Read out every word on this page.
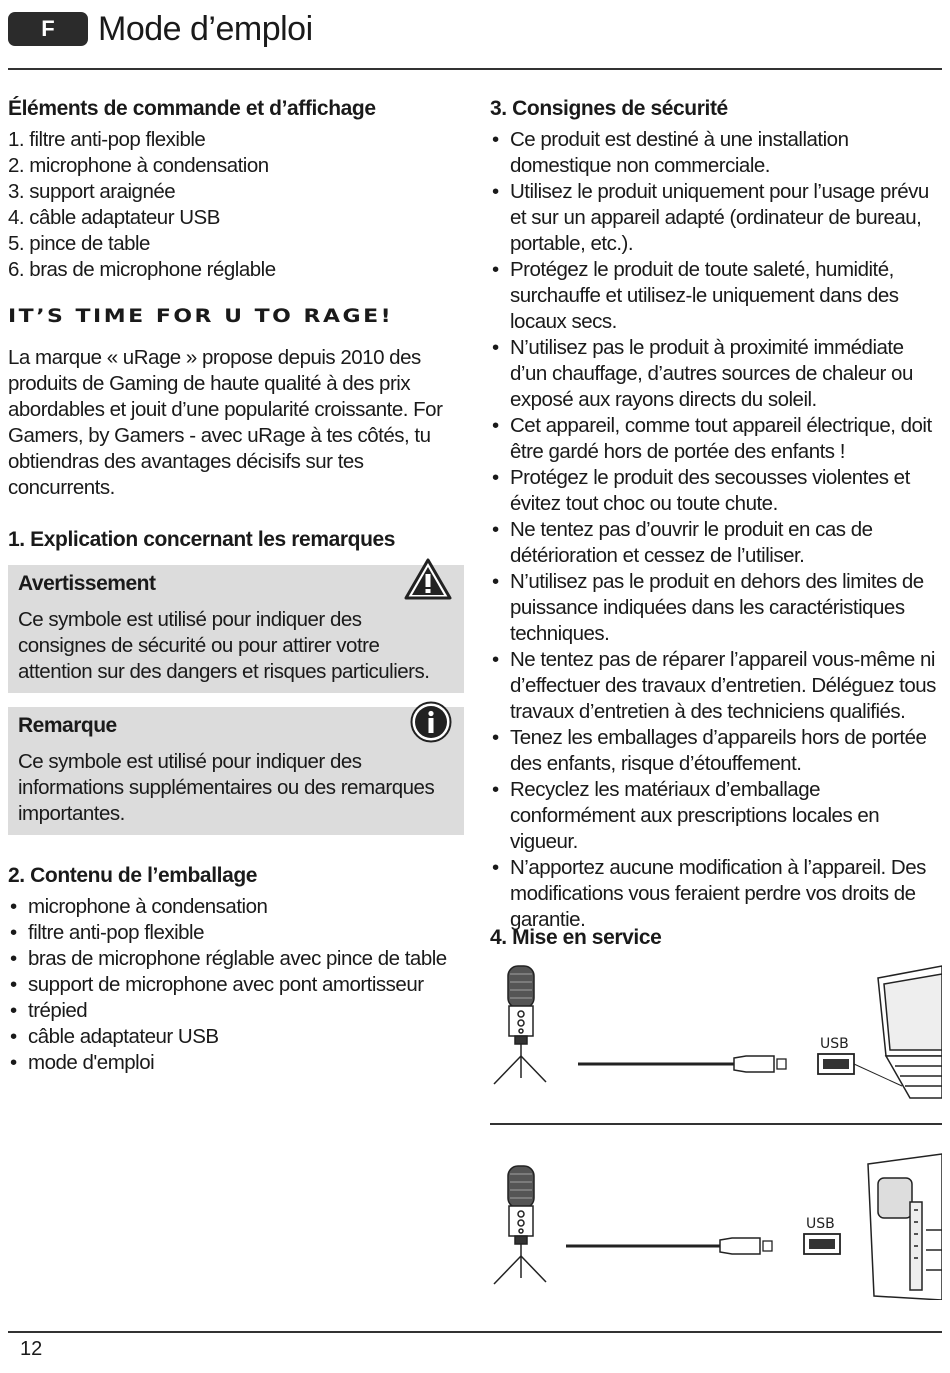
F	Mode d’emploi
Éléments de commande et d’affichage
1. filtre anti-pop flexible
2. microphone à condensation
3. support araignée
4. câble adaptateur USB
5. pince de table
6. bras de microphone réglable
IT’S TIME FOR U TO RAGE!
La marque « uRage » propose depuis 2010 des produits de Gaming de haute qualité à des prix abordables et jouit d’une popularité croissante. For Gamers, by Gamers - avec uRage à tes côtés, tu obtiendras des avantages décisifs sur tes concurrents.
1. Explication concernant les remarques
Avertissement

Ce symbole est utilisé pour indiquer des consignes de sécurité ou pour attirer votre attention sur des dangers et risques particuliers.

Remarque

Ce symbole est utilisé pour indiquer des informations supplémentaires ou des remarques importantes.

2. Contenu de l’emballage
• microphone à condensation
• filtre anti-pop flexible
• bras de microphone réglable avec pince de table
• support de microphone avec pont amortisseur
• trépied
• câble adaptateur USB
• mode d'emploi
3. Consignes de sécurité
• Ce produit est destiné à une installation domestique non commerciale.
• Utilisez le produit uniquement pour l’usage prévu et sur un appareil adapté (ordinateur de bureau, portable, etc.).
• Protégez le produit de toute saleté, humidité, surchauffe et utilisez-le uniquement dans des locaux secs.
• N’utilisez pas le produit à proximité immédiate d’un chauffage, d’autres sources de chaleur ou exposé aux rayons directs du soleil.
• Cet appareil, comme tout appareil électrique, doit être gardé hors de portée des enfants !
• Protégez le produit des secousses violentes et évitez tout choc ou toute chute.
• Ne tentez pas d’ouvrir le produit en cas de détérioration et cessez de l’utiliser.
• N’utilisez pas le produit en dehors des limites de puissance indiquées dans les caractéristiques techniques.
• Ne tentez pas de réparer l’appareil vous-même ni d’effectuer des travaux d’entretien. Déléguez tous travaux d’entretien à des techniciens qualifiés.
• Tenez les emballages d’appareils hors de portée des enfants, risque d’étouffement.
• Recyclez les matériaux d’emballage conformément aux prescriptions locales en vigueur.
• N’apportez aucune modification à l’appareil. Des modifications vous feraient perdre vos droits de garantie.
4. Mise en service
USB
USB
12
